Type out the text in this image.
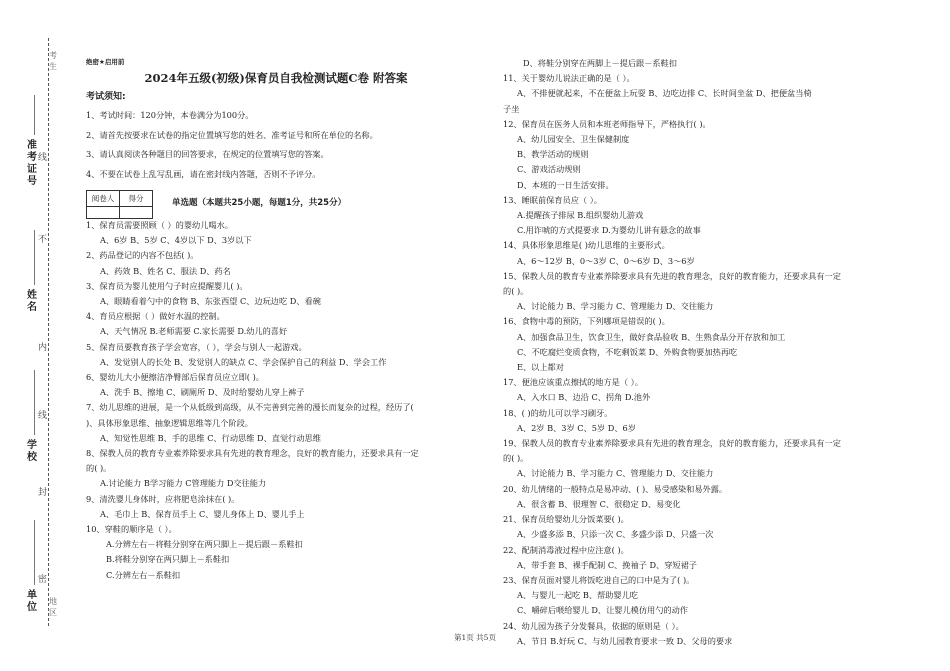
考生
准考证号
姓名
学校
单位
线
不
内
线
封
密
地区
绝密★启用前
2024年五级(初级)保育员自我检测试题C卷 附答案
考试须知:
1、考试时间：120分钟，本卷满分为100分。
2、请首先按要求在试卷的指定位置填写您的姓名、准考证号和所在单位的名称。
3、请认真阅读各种题目的回答要求，在规定的位置填写您的答案。
4、不要在试卷上乱写乱画，请在密封线内答题，否则不予评分。
阅卷人	得分
		单选题（本题共25小题，每题1分，共25分）
1、保育员需要照顾（ ）的婴幼儿喝水。
A、6岁 B、5岁 C、4岁以下 D、3岁以下
2、药品登记的内容不包括( )。
A、药效 B、姓名 C、服法 D、药名
3、保育员为婴儿使用勺子时应提醒婴儿( )。
A、眼睛看着勺中的食物 B、东张西望 C、边玩边吃 D、看碗
4、育员应根据（ ）做好水温的控制。
A、天气情况 B.老师需要 C.家长需要 D.幼儿的喜好
5、保育员要教育孩子学会宽容，（ ），学会与别人一起游戏。
A、发觉别人的长处 B、发觉别人的缺点 C、学会保护自己的利益 D、学会工作
6、婴幼儿大小便擦洁净臀部后保育员应立即( )。
A、洗手 B、擦地 C、刷厕所 D、及时给婴幼儿穿上裤子
7、幼儿思维的进展，是一个从低级到高级，从不完善到完善的漫长而复杂的过程，经历了(
)、具体形象思维、抽象逻辑思维等几个阶段。
A、知觉性思维 B、手的思维 C、行动思维 D、直觉行动思维
8、保教人员的教育专业素养除要求具有先进的教育理念，良好的教育能力，还要求具有一定
的( )。
A.讨论能力 B学习能力 C管理能力 D交往能力
9、清洗婴儿身体时，应将肥皂涂抹在( )。
A、毛巾上 B、保育员手上 C、婴儿身体上 D、婴儿手上
10、穿鞋的顺序是（ ）。
A.分辨左右－将鞋分别穿在两只脚上－提后跟－系鞋扣
B.将鞋分别穿在两只脚上－系鞋扣
C.分辨左右－系鞋扣
D、将鞋分别穿在两脚上－提后跟－系鞋扣
11、关于婴幼儿说法正确的是（ ）。
A、不排便就起来，不在便盆上玩耍 B、边吃边排 C、长时间坐盆 D、把便盆当椅
子坐
12、保育员在医务人员和本班老师指导下，严格执行( )。
A、幼儿园安全、卫生保健制度
B、教学活动的规则
C、游戏活动规则
D、本班的一日生活安排。
13、睡眠前保育员应（ ）。
A.提醒孩子排尿 B.组织婴幼儿游戏
C.用诈唬的方式提要求 D.为婴幼儿讲有悬念的故事
14、具体形象思维是( )幼儿思维的主要形式。
A、6～12岁 B、0～3岁 C、0～6岁 D、3～6岁
15、保教人员的教育专业素养除要求具有先进的教育理念，良好的教育能力，还要求具有一定
的( )。
A、讨论能力 B、学习能力 C、管理能力 D、交往能力
16、食物中毒的预防，下列哪项是错误的( )。
A、加强食品卫生，饮食卫生，做好食品验收 B、生熟食品分开存放和加工
C、不吃腐烂变质食物，不吃剩饭菜 D、外购食物要加热再吃
E、以上都对
17、便池应该重点擦拭的地方是（ ）。
A、入水口 B、边沿 C、拐角 D.池外
18、( )的幼儿可以学习刷牙。
A、2岁 B、3岁 C、5岁 D、6岁
19、保教人员的教育专业素养除要求具有先进的教育理念，良好的教育能力，还要求具有一定
的( )。
A、讨论能力 B、学习能力 C、管理能力 D、交往能力
20、幼儿情绪的一般特点是易冲动、( )、易受感染和易外露。
A、很含蓄 B、很理智 C、很稳定 D、易变化
21、保育员给婴幼儿分饭菜要( )。
A、少盛多添 B、只添一次 C、多盛少添 D、只盛一次
22、配制消毒液过程中应注意( )。
A、带手套 B、裸手配制 C、挽袖子 D、穿短裙子
23、保育员面对婴儿将饭吃进自己的口中是为了( )。
A、与婴儿一起吃 B、帮助婴儿吃
C、嚼碎后喂给婴儿 D、让婴儿模仿用勺的动作
24、幼儿园为孩子分发餐具，依据的原则是（ ）。
A、节日 B.好玩 C、与幼儿园教育要求一致 D、父母的要求
第1页 共5页
